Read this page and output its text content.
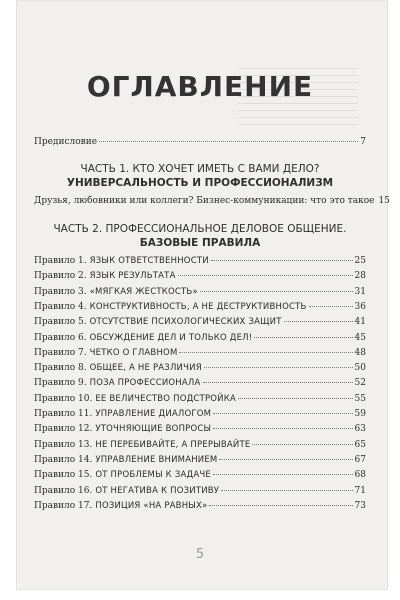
ОГЛАВЛЕНИЕ
Предисловие	7
ЧАСТЬ 1. КТО ХОЧЕТ ИМЕТЬ С ВАМИ ДЕЛО?
УНИВЕРСАЛЬНОСТЬ И ПРОФЕССИОНАЛИЗМ
Друзья, любовники или коллеги? Бизнес-коммуникации: что это такое 15
ЧАСТЬ 2. ПРОФЕССИОНАЛЬНОЕ ДЕЛОВОЕ ОБЩЕНИЕ.
БАЗОВЫЕ ПРАВИЛА
Правило 1. ЯЗЫК ОТВЕТСТВЕННОСТИ	25
Правило 2. ЯЗЫК РЕЗУЛЬТАТА	28
Правило 3. «МЯГКАЯ ЖЕСТКОСТЬ»	31
Правило 4. КОНСТРУКТИВНОСТЬ, А НЕ ДЕСТРУКТИВНОСТЬ	36
Правило 5. ОТСУТСТВИЕ ПСИХОЛОГИЧЕСКИХ ЗАЩИТ	41
Правило 6. ОБСУЖДЕНИЕ ДЕЛ И ТОЛЬКО ДЕЛ!	45
Правило 7. ЧЕТКО О ГЛАВНОМ	48
Правило 8. ОБЩЕЕ, А НЕ РАЗЛИЧИЯ	50
Правило 9. ПОЗА ПРОФЕССИОНАЛА	52
Правило 10. ЕЕ ВЕЛИЧЕСТВО ПОДСТРОЙКА	55
Правило 11. УПРАВЛЕНИЕ ДИАЛОГОМ	59
Правило 12. УТОЧНЯЮЩИЕ ВОПРОСЫ	63
Правило 13. НЕ ПЕРЕБИВАЙТЕ, А ПРЕРЫВАЙТЕ	65
Правило 14. УПРАВЛЕНИЕ ВНИМАНИЕМ	67
Правило 15. ОТ ПРОБЛЕМЫ К ЗАДАЧЕ	68
Правило 16. ОТ НЕГАТИВА К ПОЗИТИВУ	71
Правило 17. ПОЗИЦИЯ «НА РАВНЫХ»	73
5
